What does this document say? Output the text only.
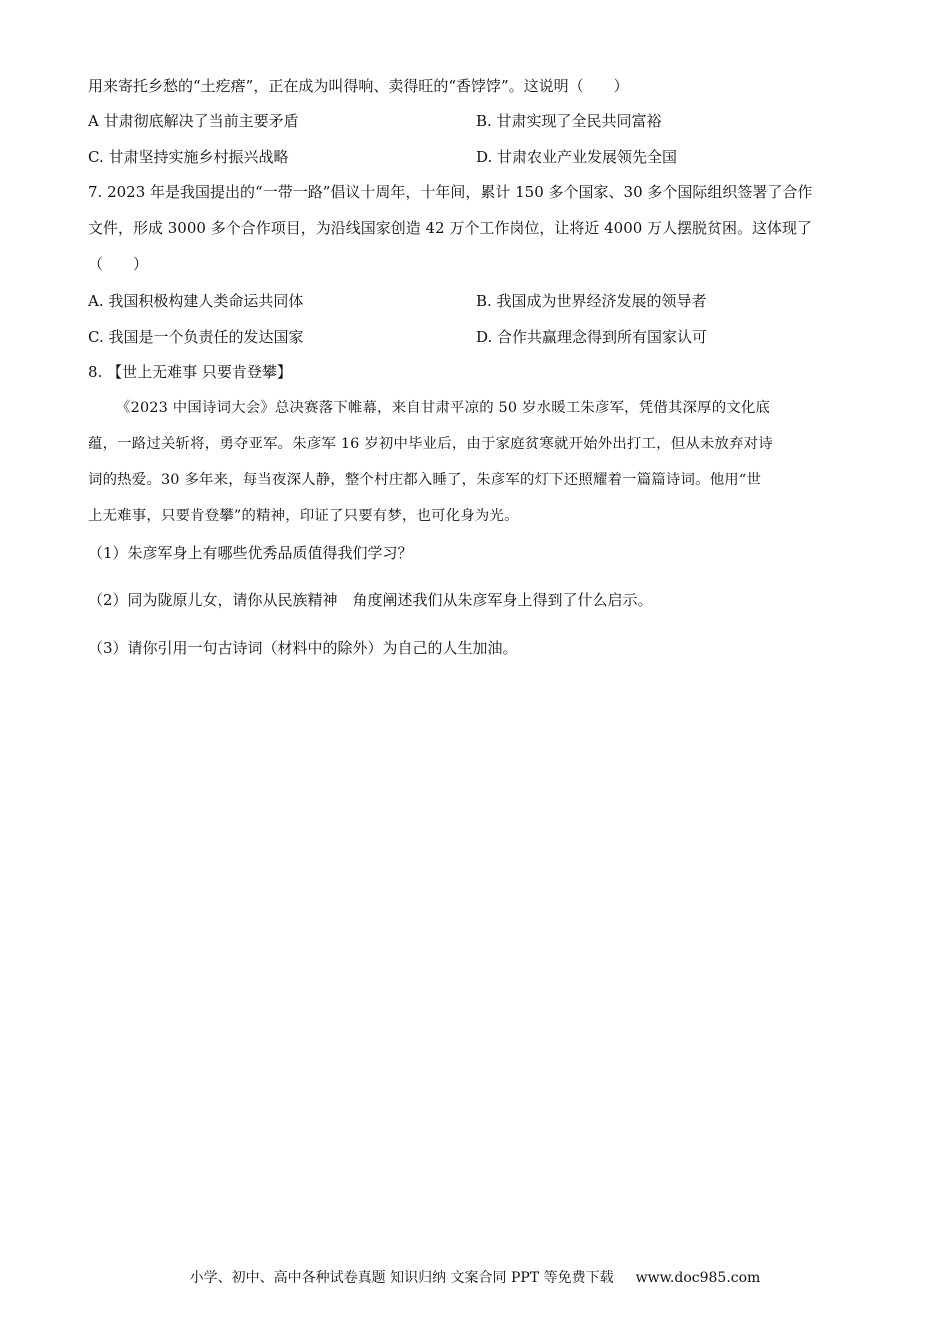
用来寄托乡愁的“土疙瘩”，正在成为叫得响、卖得旺的“香饽饽”。这说明（　　）
A 甘肃彻底解决了当前主要矛盾	B. 甘肃实现了全民共同富裕
C. 甘肃坚持实施乡村振兴战略	D. 甘肃农业产业发展领先全国
7. 2023 年是我国提出的“一带一路”倡议十周年，十年间，累计 150 多个国家、30 多个国际组织签署了合作
文件，形成 3000 多个合作项目，为沿线国家创造 42 万个工作岗位，让将近 4000 万人摆脱贫困。这体现了
（　　）
A. 我国积极构建人类命运共同体	B. 我国成为世界经济发展的领导者
C. 我国是一个负责任的发达国家	D. 合作共赢理念得到所有国家认可
8. 【世上无难事 只要肯登攀】
《2023 中国诗词大会》总决赛落下帷幕，来自甘肃平凉的 50 岁水暖工朱彦军，凭借其深厚的文化底
蕴，一路过关斩将，勇夺亚军。朱彦军 16 岁初中毕业后，由于家庭贫寒就开始外出打工，但从未放弃对诗
词的热爱。30 多年来，每当夜深人静，整个村庄都入睡了，朱彦军的灯下还照耀着一篇篇诗词。他用“世
上无难事，只要肯登攀”的精神，印证了只要有梦，也可化身为光。
（1）朱彦军身上有哪些优秀品质值得我们学习？
（2）同为陇原儿女，请你从民族精神　角度阐述我们从朱彦军身上得到了什么启示。
（3）请你引用一句古诗词（材料中的除外）为自己的人生加油。
小学、初中、高中各种试卷真题 知识归纳 文案合同 PPT 等免费下载 www.doc985.com
